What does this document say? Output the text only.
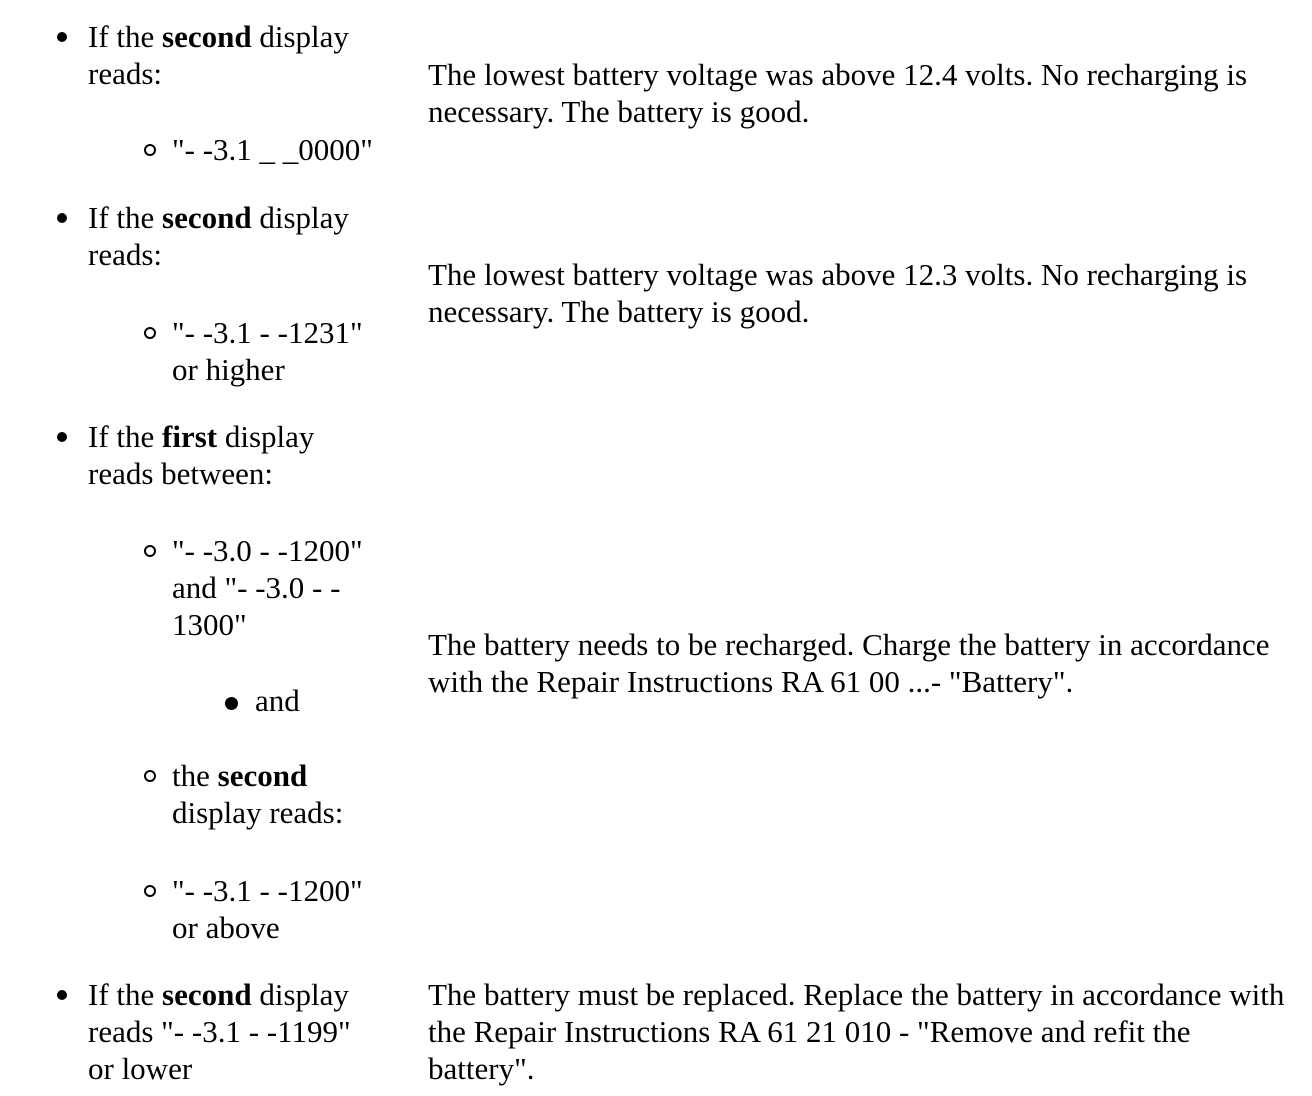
If the second display reads:
"- -3.1 _ _0000"

The lowest battery voltage was above 12.4 volts. No recharging is necessary. The battery is good.

If the second display reads:
"- -3.1 - -1231" or higher

The lowest battery voltage was above 12.3 volts. No recharging is necessary. The battery is good.

If the first display reads between:
"- -3.0 - -1200" and "- -3.0 - - 1300"
and
the second display reads:
"- -3.1 - -1200" or above

The battery needs to be recharged. Charge the battery in accordance with the Repair Instructions RA 61 00 ...- "Battery".

If the second display reads "- -3.1 - -1199" or lower

The battery must be replaced. Replace the battery in accordance with the Repair Instructions RA 61 21 010 - "Remove and refit the battery".
